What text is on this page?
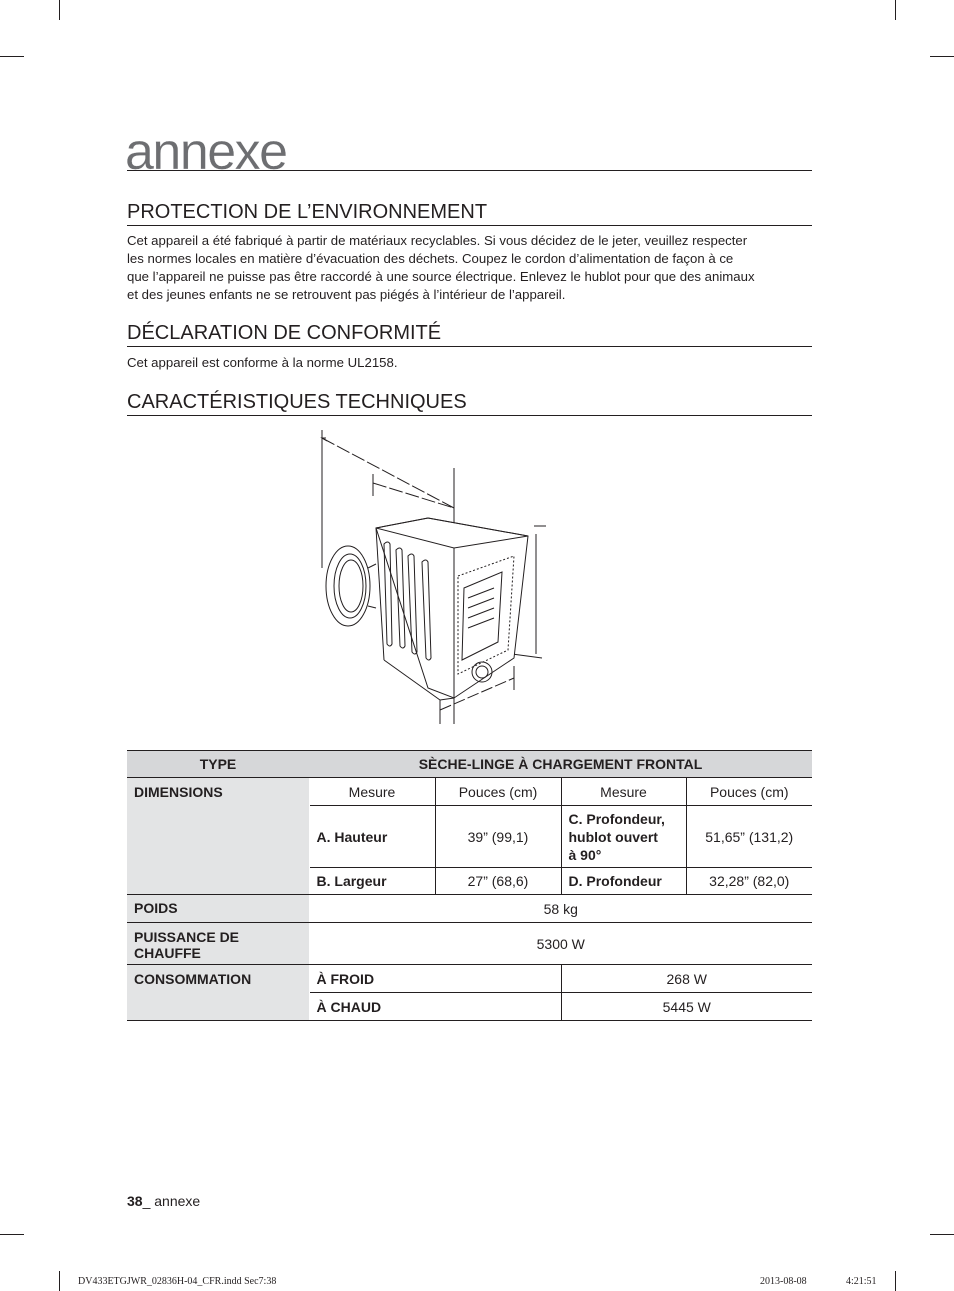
annexe
PROTECTION DE L’ENVIRONNEMENT
Cet appareil a été fabriqué à partir de matériaux recyclables. Si vous décidez de le jeter, veuillez respecter
les normes locales en matière d’évacuation des déchets. Coupez le cordon d’alimentation de façon à ce
que l’appareil ne puisse pas être raccordé à une source électrique. Enlevez le hublot pour que des animaux
et des jeunes enfants ne se retrouvent pas piégés à l’intérieur de l’appareil.
DÉCLARATION DE CONFORMITÉ
Cet appareil est conforme à la norme UL2158.
CARACTÉRISTIQUES TECHNIQUES
TYPE	SÈCHE-LINGE À CHARGEMENT FRONTAL			
DIMENSIONS	Mesure	Pouces (cm)	Mesure	Pouces (cm)
	A. Hauteur	39” (99,1)	C. Profondeur,
hublot ouvert
à 90°	51,65” (131,2)
	B. Largeur	27” (68,6)	D. Profondeur	32,28” (82,0)
POIDS	58 kg			

PUISSANCE DE
CHAUFFE	5300 W			
CONSOMMATION	À FROID		268 W	
	À CHAUD		5445 W	
38_ annexe
DV433ETGJWR_02836H-04_CFR.indd Sec7:38	2013-08-08	4:21:51
